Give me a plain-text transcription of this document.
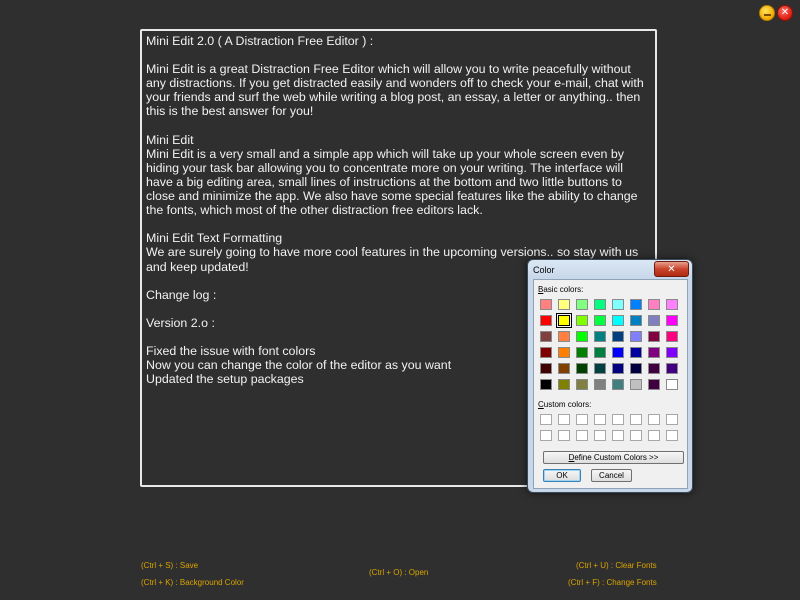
✕

Mini Edit 2.0 ( A Distraction Free Editor ) :

Mini Edit is a great Distraction Free Editor which will allow you to write peacefully without any distractions. If you get distracted easily and wonders off to check your e-mail, chat with your friends and surf the web while writing a blog post, an essay, a letter or anything.. then this is the best answer for you!

Mini Edit

Mini Edit is a very small and a simple app which will take up your whole screen even by hiding your task bar allowing you to concentrate more on your writing. The interface will have a big editing area, small lines of instructions at the bottom and two little buttons to close and minimize the app. We also have some special features like the ability to change the fonts, which most of the other distraction free editors lack.

Mini Edit Text Formatting

We are surely going to have more cool features in the upcoming versions.. so stay with us and keep updated!

Change log :

Version 2.o :

Fixed the issue with font colors

Now you can change the color of the editor as you want

Updated the setup packages

Color	✕
Basic colors:
Custom colors:
D efine Custom Colors >>
OK	Cancel
(Ctrl + S) : Save
(Ctrl + K) : Background Color
(Ctrl + O) : Open
(Ctrl + U) : Clear Fonts
(Ctrl + F) : Change Fonts
